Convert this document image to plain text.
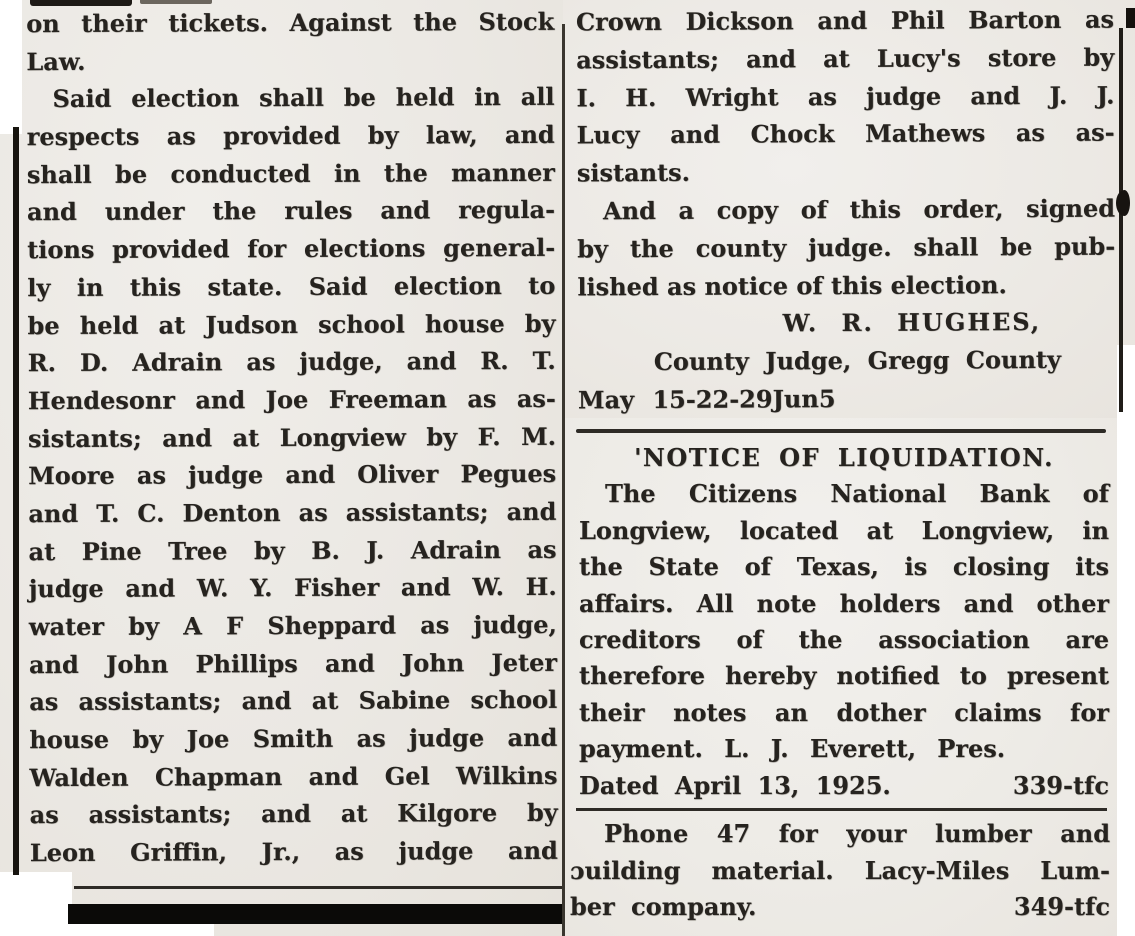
on their tickets. Against the Stock
Law.
Said election shall be held in all
respects as provided by law, and
shall be conducted in the manner
and under the rules and regula-
tions provided for elections general-
ly in this state. Said election to
be held at Judson school house by
R. D. Adrain as judge, and R. T.
Hendesonr and Joe Freeman as as-
sistants; and at Longview by F. M.
Moore as judge and Oliver Pegues
and T. C. Denton as assistants; and
at Pine Tree by B. J. Adrain as
judge and W. Y. Fisher and W. H.
water by A F Sheppard as judge,
and John Phillips and John Jeter
as assistants; and at Sabine school
house by Joe Smith as judge and
Walden Chapman and Gel Wilkins
as assistants; and at Kilgore by
Leon Griffin, Jr., as judge and
Crown Dickson and Phil Barton as
assistants; and at Lucy's store by
I. H. Wright as judge and J. J.
Lucy and Chock Mathews as as-
sistants.
And a copy of this order, signed
by the county judge. shall be pub-
lished as notice of this election.
W. R. HUGHES,
County Judge, Gregg County
May 15-22-29Jun5
'NOTICE OF LIQUIDATION.
The Citizens National Bank of
Longview, located at Longview, in
the State of Texas, is closing its
affairs. All note holders and other
creditors of the association are
therefore hereby notified to present
their notes an dother claims for
payment. L. J. Everett, Pres.
Dated April 13, 1925.	339-tfc
Phone 47 for your lumber and
ɔuilding material. Lacy-Miles Lum-
ber company.	349-tfc
